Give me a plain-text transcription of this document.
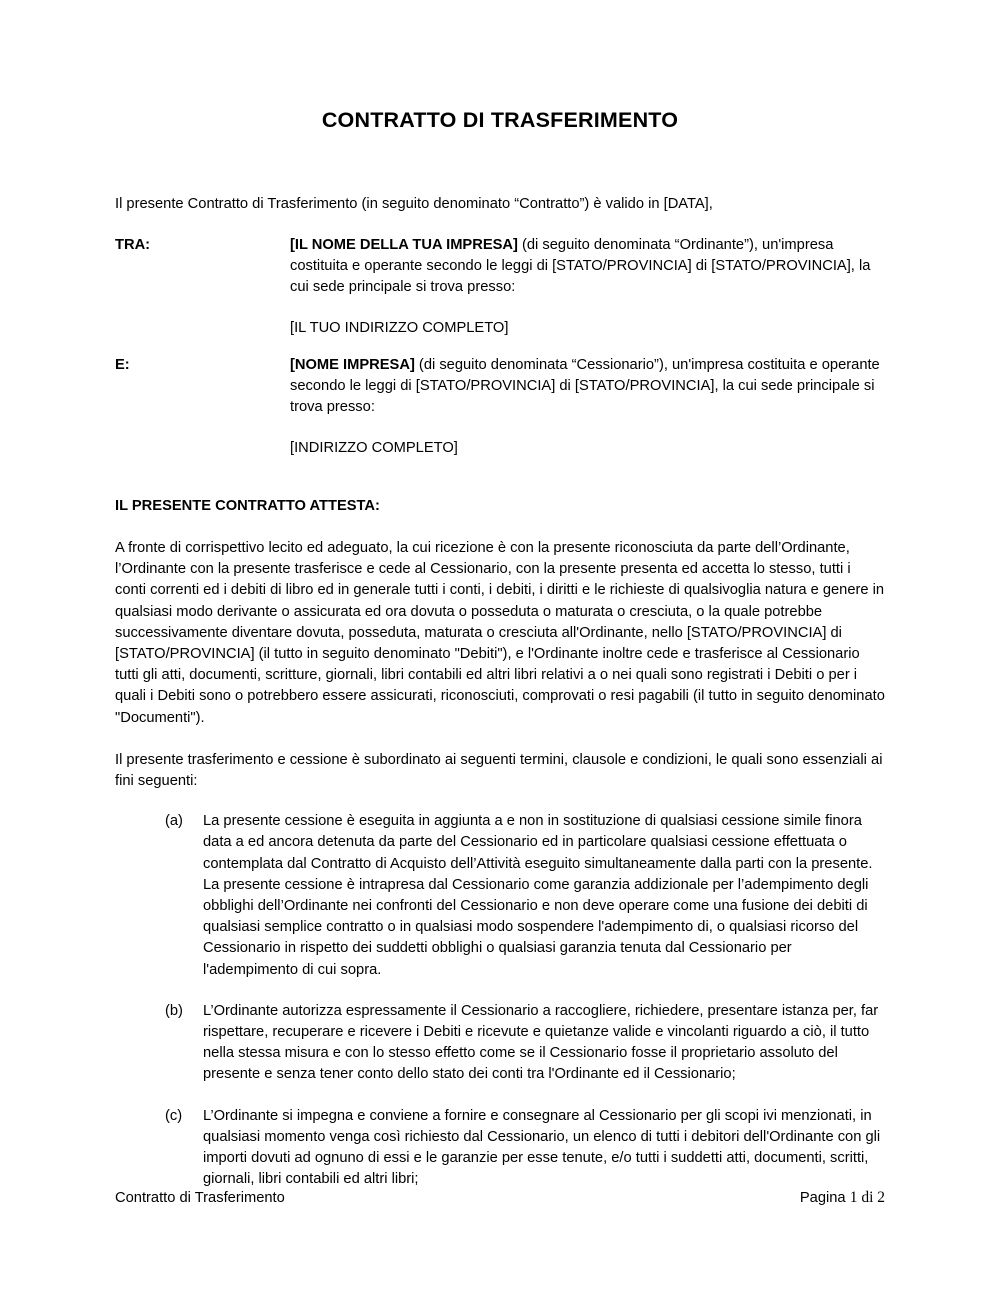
CONTRATTO DI TRASFERIMENTO

Il presente Contratto di Trasferimento (in seguito denominato “Contratto”) è valido in [DATA],

TRA:	[IL NOME DELLA TUA IMPRESA] (di seguito denominata “Ordinante”), un'impresa costituita e operante secondo le leggi di [STATO/PROVINCIA] di [STATO/PROVINCIA], la cui sede principale si trova presso:

[IL TUO INDIRIZZO COMPLETO]

E:	[NOME IMPRESA] (di seguito denominata “Cessionario”), un'impresa costituita e operante secondo le leggi di [STATO/PROVINCIA] di [STATO/PROVINCIA], la cui sede principale si trova presso:

[INDIRIZZO COMPLETO]

IL PRESENTE CONTRATTO ATTESTA:

A fronte di corrispettivo lecito ed adeguato, la cui ricezione è con la presente riconosciuta da parte dell’Ordinante, l’Ordinante con la presente trasferisce e cede al Cessionario, con la presente presenta ed accetta lo stesso, tutti i conti correnti ed i debiti di libro ed in generale tutti i conti, i debiti, i diritti e le richieste di qualsivoglia natura e genere in qualsiasi modo derivante o assicurata ed ora dovuta o posseduta o maturata o cresciuta, o la quale potrebbe successivamente diventare dovuta, posseduta, maturata o cresciuta all'Ordinante, nello [STATO/PROVINCIA] di [STATO/PROVINCIA] (il tutto in seguito denominato "Debiti"), e l'Ordinante inoltre cede e trasferisce al Cessionario tutti gli atti, documenti, scritture, giornali, libri contabili ed altri libri relativi a o nei quali sono registrati i Debiti o per i quali i Debiti sono o potrebbero essere assicurati, riconosciuti, comprovati o resi pagabili (il tutto in seguito denominato "Documenti").

Il presente trasferimento e cessione è subordinato ai seguenti termini, clausole e condizioni, le quali sono essenziali ai fini seguenti:

(a)	La presente cessione è eseguita in aggiunta a e non in sostituzione di qualsiasi cessione simile finora data a ed ancora detenuta da parte del Cessionario ed in particolare qualsiasi cessione effettuata o contemplata dal Contratto di Acquisto dell’Attività eseguito simultaneamente dalla parti con la presente. La presente cessione è intrapresa dal Cessionario come garanzia addizionale per l’adempimento degli obblighi dell’Ordinante nei confronti del Cessionario e non deve operare come una fusione dei debiti di qualsiasi semplice contratto o in qualsiasi modo sospendere l'adempimento di, o qualsiasi ricorso del Cessionario in rispetto dei suddetti obblighi o qualsiasi garanzia tenuta dal Cessionario per l'adempimento di cui sopra.
(b)	L’Ordinante autorizza espressamente il Cessionario a raccogliere, richiedere, presentare istanza per, far rispettare, recuperare e ricevere i Debiti e ricevute e quietanze valide e vincolanti riguardo a ciò, il tutto nella stessa misura e con lo stesso effetto come se il Cessionario fosse il proprietario assoluto del presente e senza tener conto dello stato dei conti tra l'Ordinante ed il Cessionario;
(c)	L’Ordinante si impegna e conviene a fornire e consegnare al Cessionario per gli scopi ivi menzionati, in qualsiasi momento venga così richiesto dal Cessionario, un elenco di tutti i debitori dell'Ordinante con gli importi dovuti ad ognuno di essi e le garanzie per esse tenute, e/o tutti i suddetti atti, documenti, scritti, giornali, libri contabili ed altri libri;
Contratto di Trasferimento	Pagina 1 di 2
